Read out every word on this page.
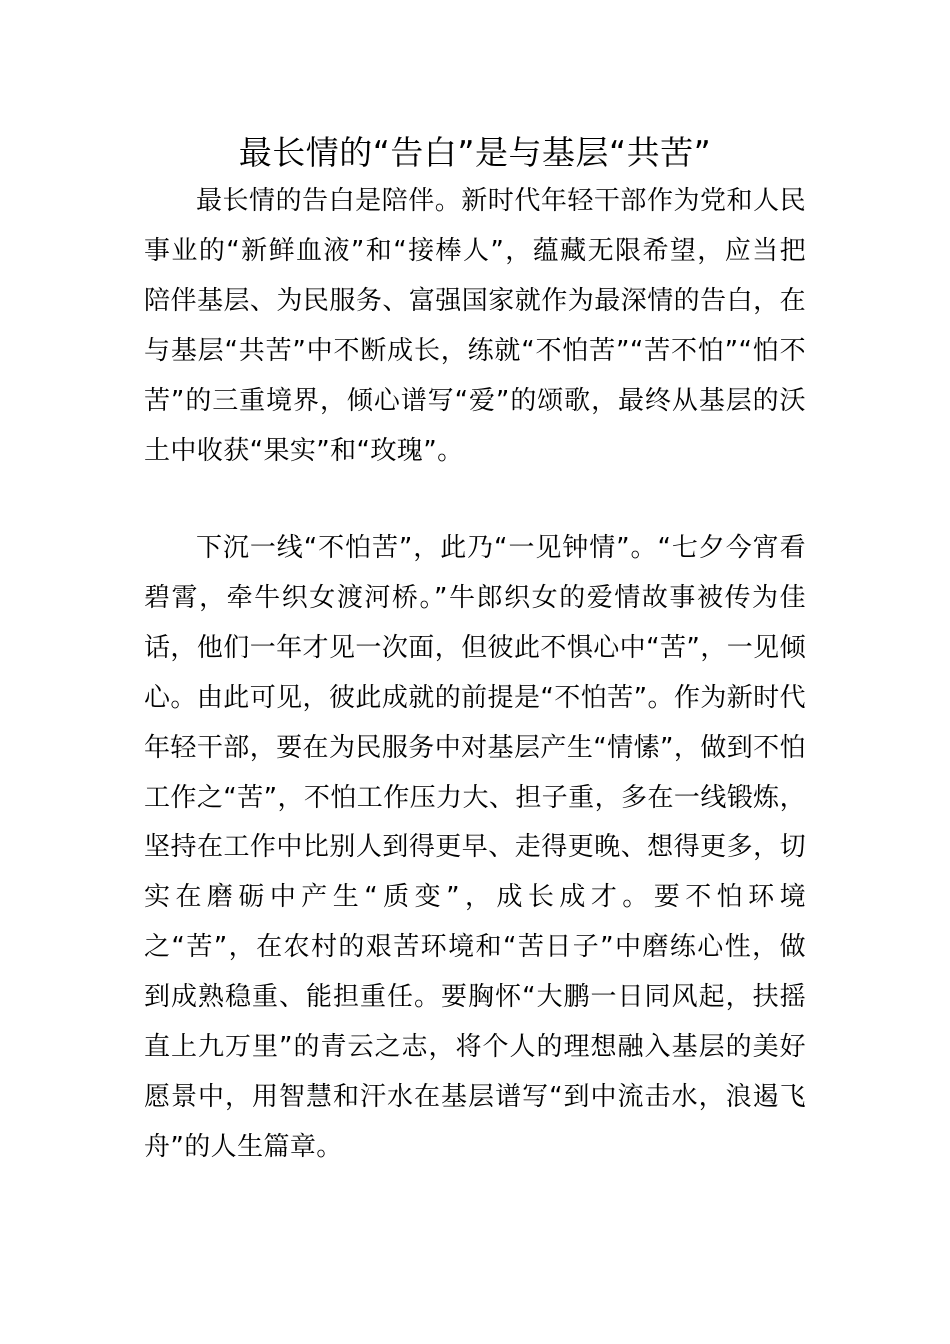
最长情的“告白”是与基层“共苦”

最长情的告白是陪伴。新时代年轻干部作为党和人民事业的“新鲜血液”和“接棒人”，蕴藏无限希望，应当把陪伴基层、为民服务、富强国家就作为最深情的告白，在与基层“共苦”中不断成长，练就“不怕苦”“苦不怕”“怕不苦”的三重境界，倾心谱写“爱”的颂歌，最终从基层的沃土中收获“果实”和“玫瑰”。

下沉一线“不怕苦”，此乃“一见钟情”。“七夕今宵看碧霄，牵牛织女渡河桥。”牛郎织女的爱情故事被传为佳话，他们一年才见一次面，但彼此不惧心中“苦”，一见倾心。由此可见，彼此成就的前提是“不怕苦”。作为新时代年轻干部，要在为民服务中对基层产生“情愫”，做到不怕工作之“苦”，不怕工作压力大、担子重，多在一线锻炼，坚持在工作中比别人到得更早、走得更晚、想得更多，切实在磨砺中产生“质变”，成长成才。要不怕环境之“苦”，在农村的艰苦环境和“苦日子”中磨练心性，做到成熟稳重、能担重任。要胸怀“大鹏一日同风起，扶摇直上九万里”的青云之志，将个人的理想融入基层的美好愿景中，用智慧和汗水在基层谱写“到中流击水，浪遏飞舟”的人生篇章。
